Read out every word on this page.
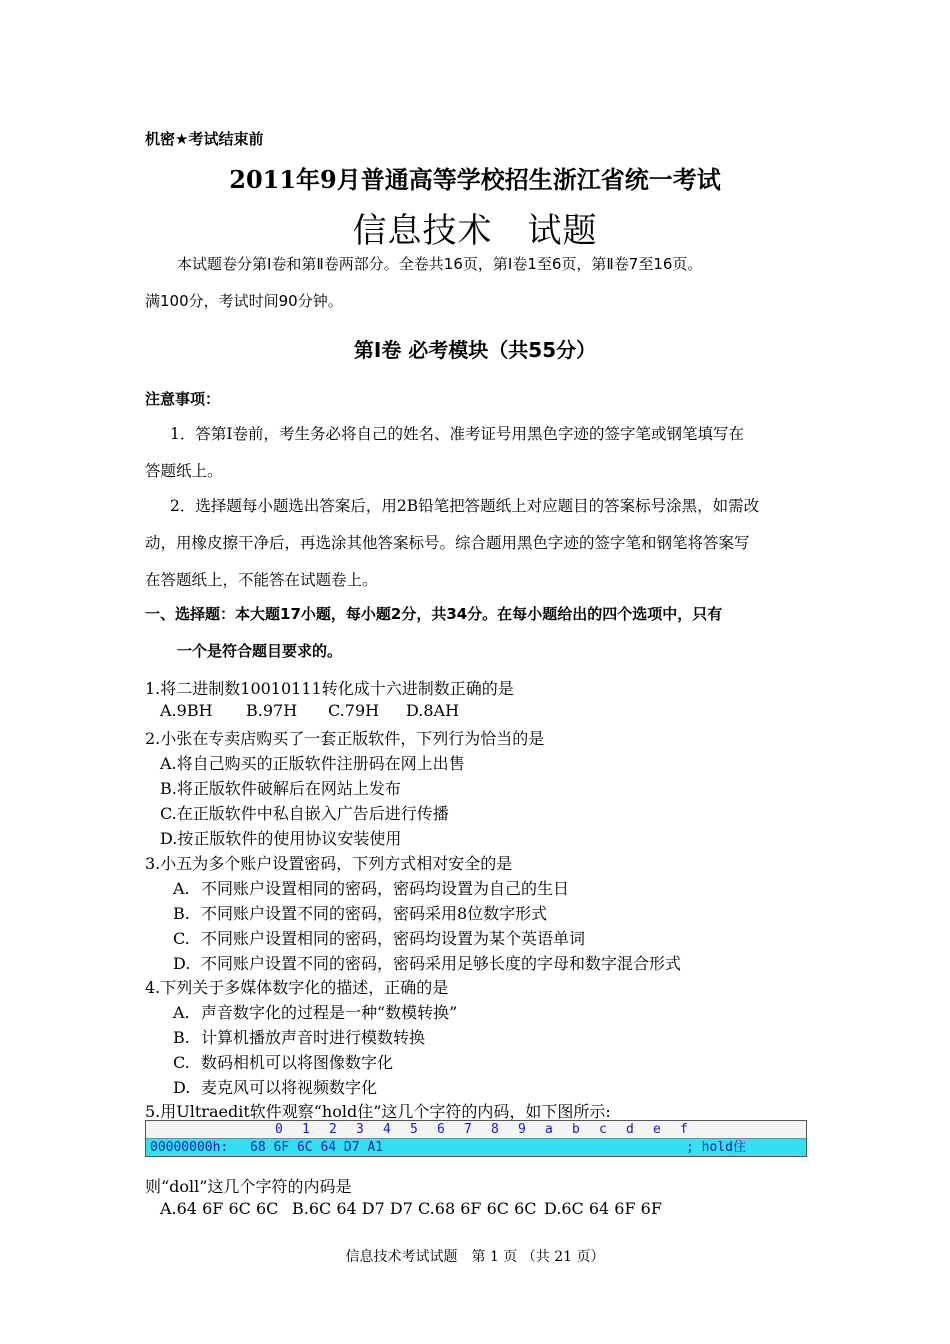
机密★考试结束前
2011年9月普通高等学校招生浙江省统一考试
信息技术　试题
本试题卷分第Ⅰ卷和第Ⅱ卷两部分。全卷共16页，第Ⅰ卷1至6页，第Ⅱ卷7至16页。
满100分，考试时间90分钟。
第Ⅰ卷 必考模块（共55分）
注意事项：
1．答第Ⅰ卷前，考生务必将自己的姓名、准考证号用黑色字迹的签字笔或钢笔填写在
答题纸上。
2．选择题每小题选出答案后，用2B铅笔把答题纸上对应题目的答案标号涂黑，如需改
动，用橡皮擦干净后，再选涂其他答案标号。综合题用黑色字迹的签字笔和钢笔将答案写
在答题纸上，不能答在试题卷上。
一、选择题：本大题17小题，每小题2分，共34分。在每小题给出的四个选项中，只有
一个是符合题目要求的。
1.将二进制数10010111转化成十六进制数正确的是
A.9BH B.97H C.79H D.8AH
2.小张在专卖店购买了一套正版软件，下列行为恰当的是
A.将自己购买的正版软件注册码在网上出售
B.将正版软件破解后在网站上发布
C.在正版软件中私自嵌入广告后进行传播
D.按正版软件的使用协议安装使用
3.小五为多个账户设置密码，下列方式相对安全的是
A. 不同账户设置相同的密码，密码均设置为自己的生日
B. 不同账户设置不同的密码，密码采用8位数字形式
C. 不同账户设置相同的密码，密码均设置为某个英语单词
D. 不同账户设置不同的密码，密码采用足够长度的字母和数字混合形式
4.下列关于多媒体数字化的描述，正确的是
A. 声音数字化的过程是一种“数模转换”
B. 计算机播放声音时进行模数转换
C. 数码相机可以将图像数字化
D. 麦克风可以将视频数字化
5.用Ultraedit软件观察“hold住”这几个字符的内码，如下图所示:
0 1 2 3 4 5 6 7 8 9 a b c d e f
00000000h: 68 6F 6C 64 D7 A1	; hold住
则“doll”这几个字符的内码是
A.64 6F 6C 6C B.6C 64 D7 D7 C.68 6F 6C 6C D.6C 64 6F 6F
信息技术考试试题　第 1 页 （共 21 页）
